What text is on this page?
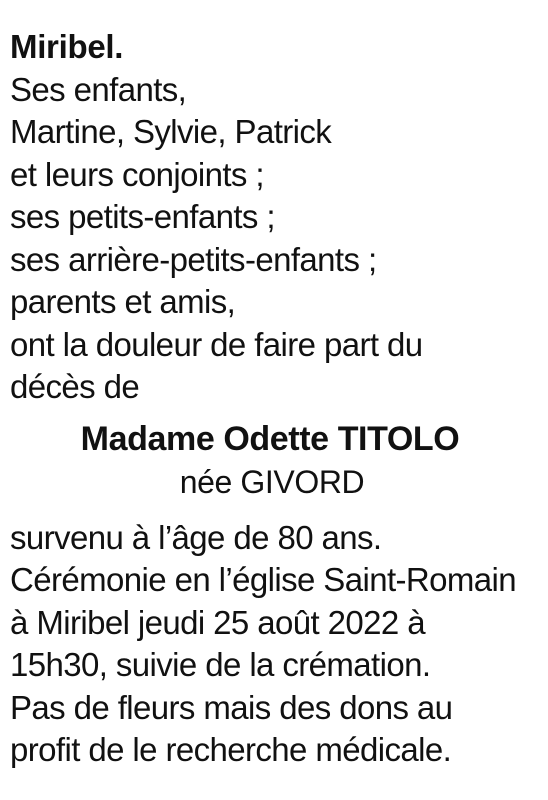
Miribel.
Ses enfants,
Martine, Sylvie, Patrick
et leurs conjoints ;
ses petits-enfants ;
ses arrière-petits-enfants ;
parents et amis,
ont la douleur de faire part du
décès de
Madame Odette TITOLO
née GIVORD
survenu à l’âge de 80 ans.
Cérémonie en l’église Saint-Romain
à Miribel jeudi 25 août 2022 à
15h30, suivie de la crémation.
Pas de fleurs mais des dons au
profit de le recherche médicale.
